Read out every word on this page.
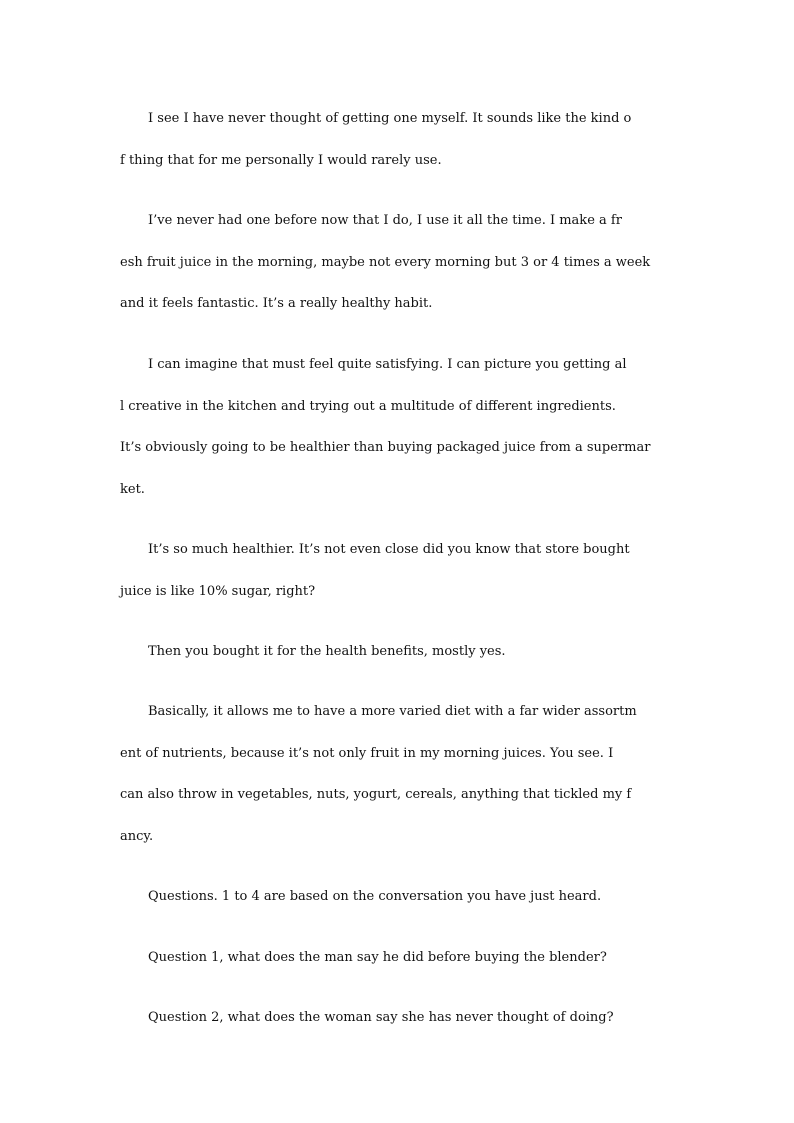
I see I have never thought of getting one myself. It sounds like the kind o
f thing that for me personally I would rarely use.
I’ve never had one before now that I do, I use it all the time. I make a fr
esh fruit juice in the morning, maybe not every morning but 3 or 4 times a week
and it feels fantastic. It’s a really healthy habit.
I can imagine that must feel quite satisfying. I can picture you getting al
l creative in the kitchen and trying out a multitude of different ingredients.
It’s obviously going to be healthier than buying packaged juice from a supermar
ket.
It’s so much healthier. It’s not even close did you know that store bought
juice is like 10% sugar, right?
Then you bought it for the health benefits, mostly yes.
Basically, it allows me to have a more varied diet with a far wider assortm
ent of nutrients, because it’s not only fruit in my morning juices. You see. I
can also throw in vegetables, nuts, yogurt, cereals, anything that tickled my f
ancy.
Questions. 1 to 4 are based on the conversation you have just heard.
Question 1, what does the man say he did before buying the blender?
Question 2, what does the woman say she has never thought of doing?
